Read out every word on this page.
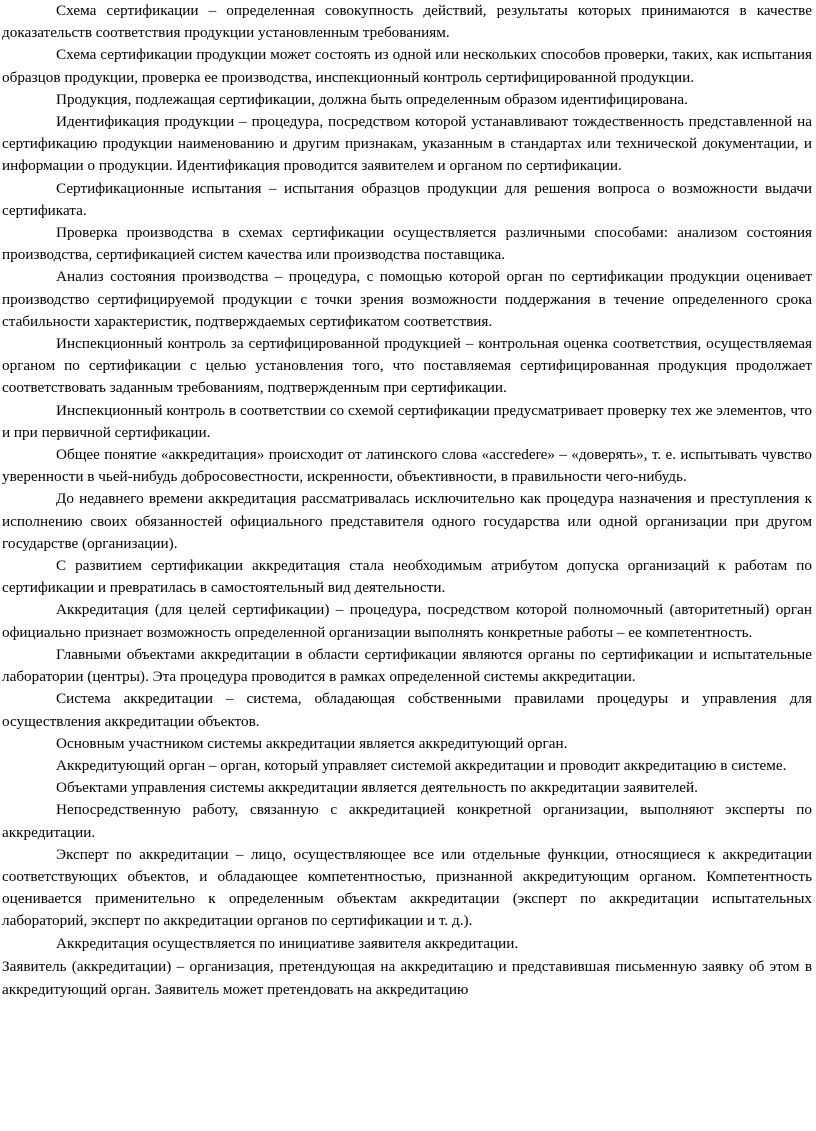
Схема сертификации – определенная совокупность действий, результаты которых принимаются в качестве доказательств соответствия продукции установленным требованиям.

Схема сертификации продукции может состоять из одной или нескольких способов проверки, таких, как испытания образцов продукции, проверка ее производства, инспекционный контроль сертифицированной продукции.

Продукция, подлежащая сертификации, должна быть определенным образом идентифицирована.

Идентификация продукции – процедура, посредством которой устанавливают тождественность представленной на сертификацию продукции наименованию и другим признакам, указанным в стандартах или технической документации, и информации о продукции. Идентификация проводится заявителем и органом по сертификации.

Сертификационные испытания – испытания образцов продукции для решения вопроса о возможности выдачи сертификата.

Проверка производства в схемах сертификации осуществляется различными способами: анализом состояния производства, сертификацией систем качества или производства поставщика.

Анализ состояния производства – процедура, с помощью которой орган по сертификации продукции оценивает производство сертифицируемой продукции с точки зрения возможности поддержания в течение определенного срока стабильности характеристик, подтверждаемых сертификатом соответствия.

Инспекционный контроль за сертифицированной продукцией – контрольная оценка соответствия, осуществляемая органом по сертификации с целью установления того, что поставляемая сертифицированная продукция продолжает соответствовать заданным требованиям, подтвержденным при сертификации.

Инспекционный контроль в соответствии со схемой сертификации предусматривает проверку тех же элементов, что и при первичной сертификации.

Общее понятие «аккредитация» происходит от латинского слова «accredere» – «доверять», т. е. испытывать чувство уверенности в чьей-нибудь добросовестности, искренности, объективности, в правильности чего-нибудь.

До недавнего времени аккредитация рассматривалась исключительно как процедура назначения и преступления к исполнению своих обязанностей официального представителя одного государства или одной организации при другом государстве (организации).

С развитием сертификации аккредитация стала необходимым атрибутом допуска организаций к работам по сертификации и превратилась в самостоятельный вид деятельности.

Аккредитация (для целей сертификации) – процедура, посредством которой полномочный (авторитетный) орган официально признает возможность определенной организации выполнять конкретные работы – ее компетентность.

Главными объектами аккредитации в области сертификации являются органы по сертификации и испытательные лаборатории (центры). Эта процедура проводится в рамках определенной системы аккредитации.

Система аккредитации – система, обладающая собственными правилами процедуры и управления для осуществления аккредитации объектов.

Основным участником системы аккредитации является аккредитующий орган.

Аккредитующий орган – орган, который управляет системой аккредитации и проводит аккредитацию в системе.

Объектами управления системы аккредитации является деятельность по аккредитации заявителей.

Непосредственную работу, связанную с аккредитацией конкретной организации, выполняют эксперты по аккредитации.

Эксперт по аккредитации – лицо, осуществляющее все или отдельные функции, относящиеся к аккредитации соответствующих объектов, и обладающее компетентностью, признанной аккредитующим органом. Компетентность оценивается применительно к определенным объектам аккредитации (эксперт по аккредитации испытательных лабораторий, эксперт по аккредитации органов по сертификации и т. д.).

Аккредитация осуществляется по инициативе заявителя аккредитации.

Заявитель (аккредитации) – организация, претендующая на аккредитацию и представившая письменную заявку об этом в аккредитующий орган. Заявитель может претендовать на аккредитацию
